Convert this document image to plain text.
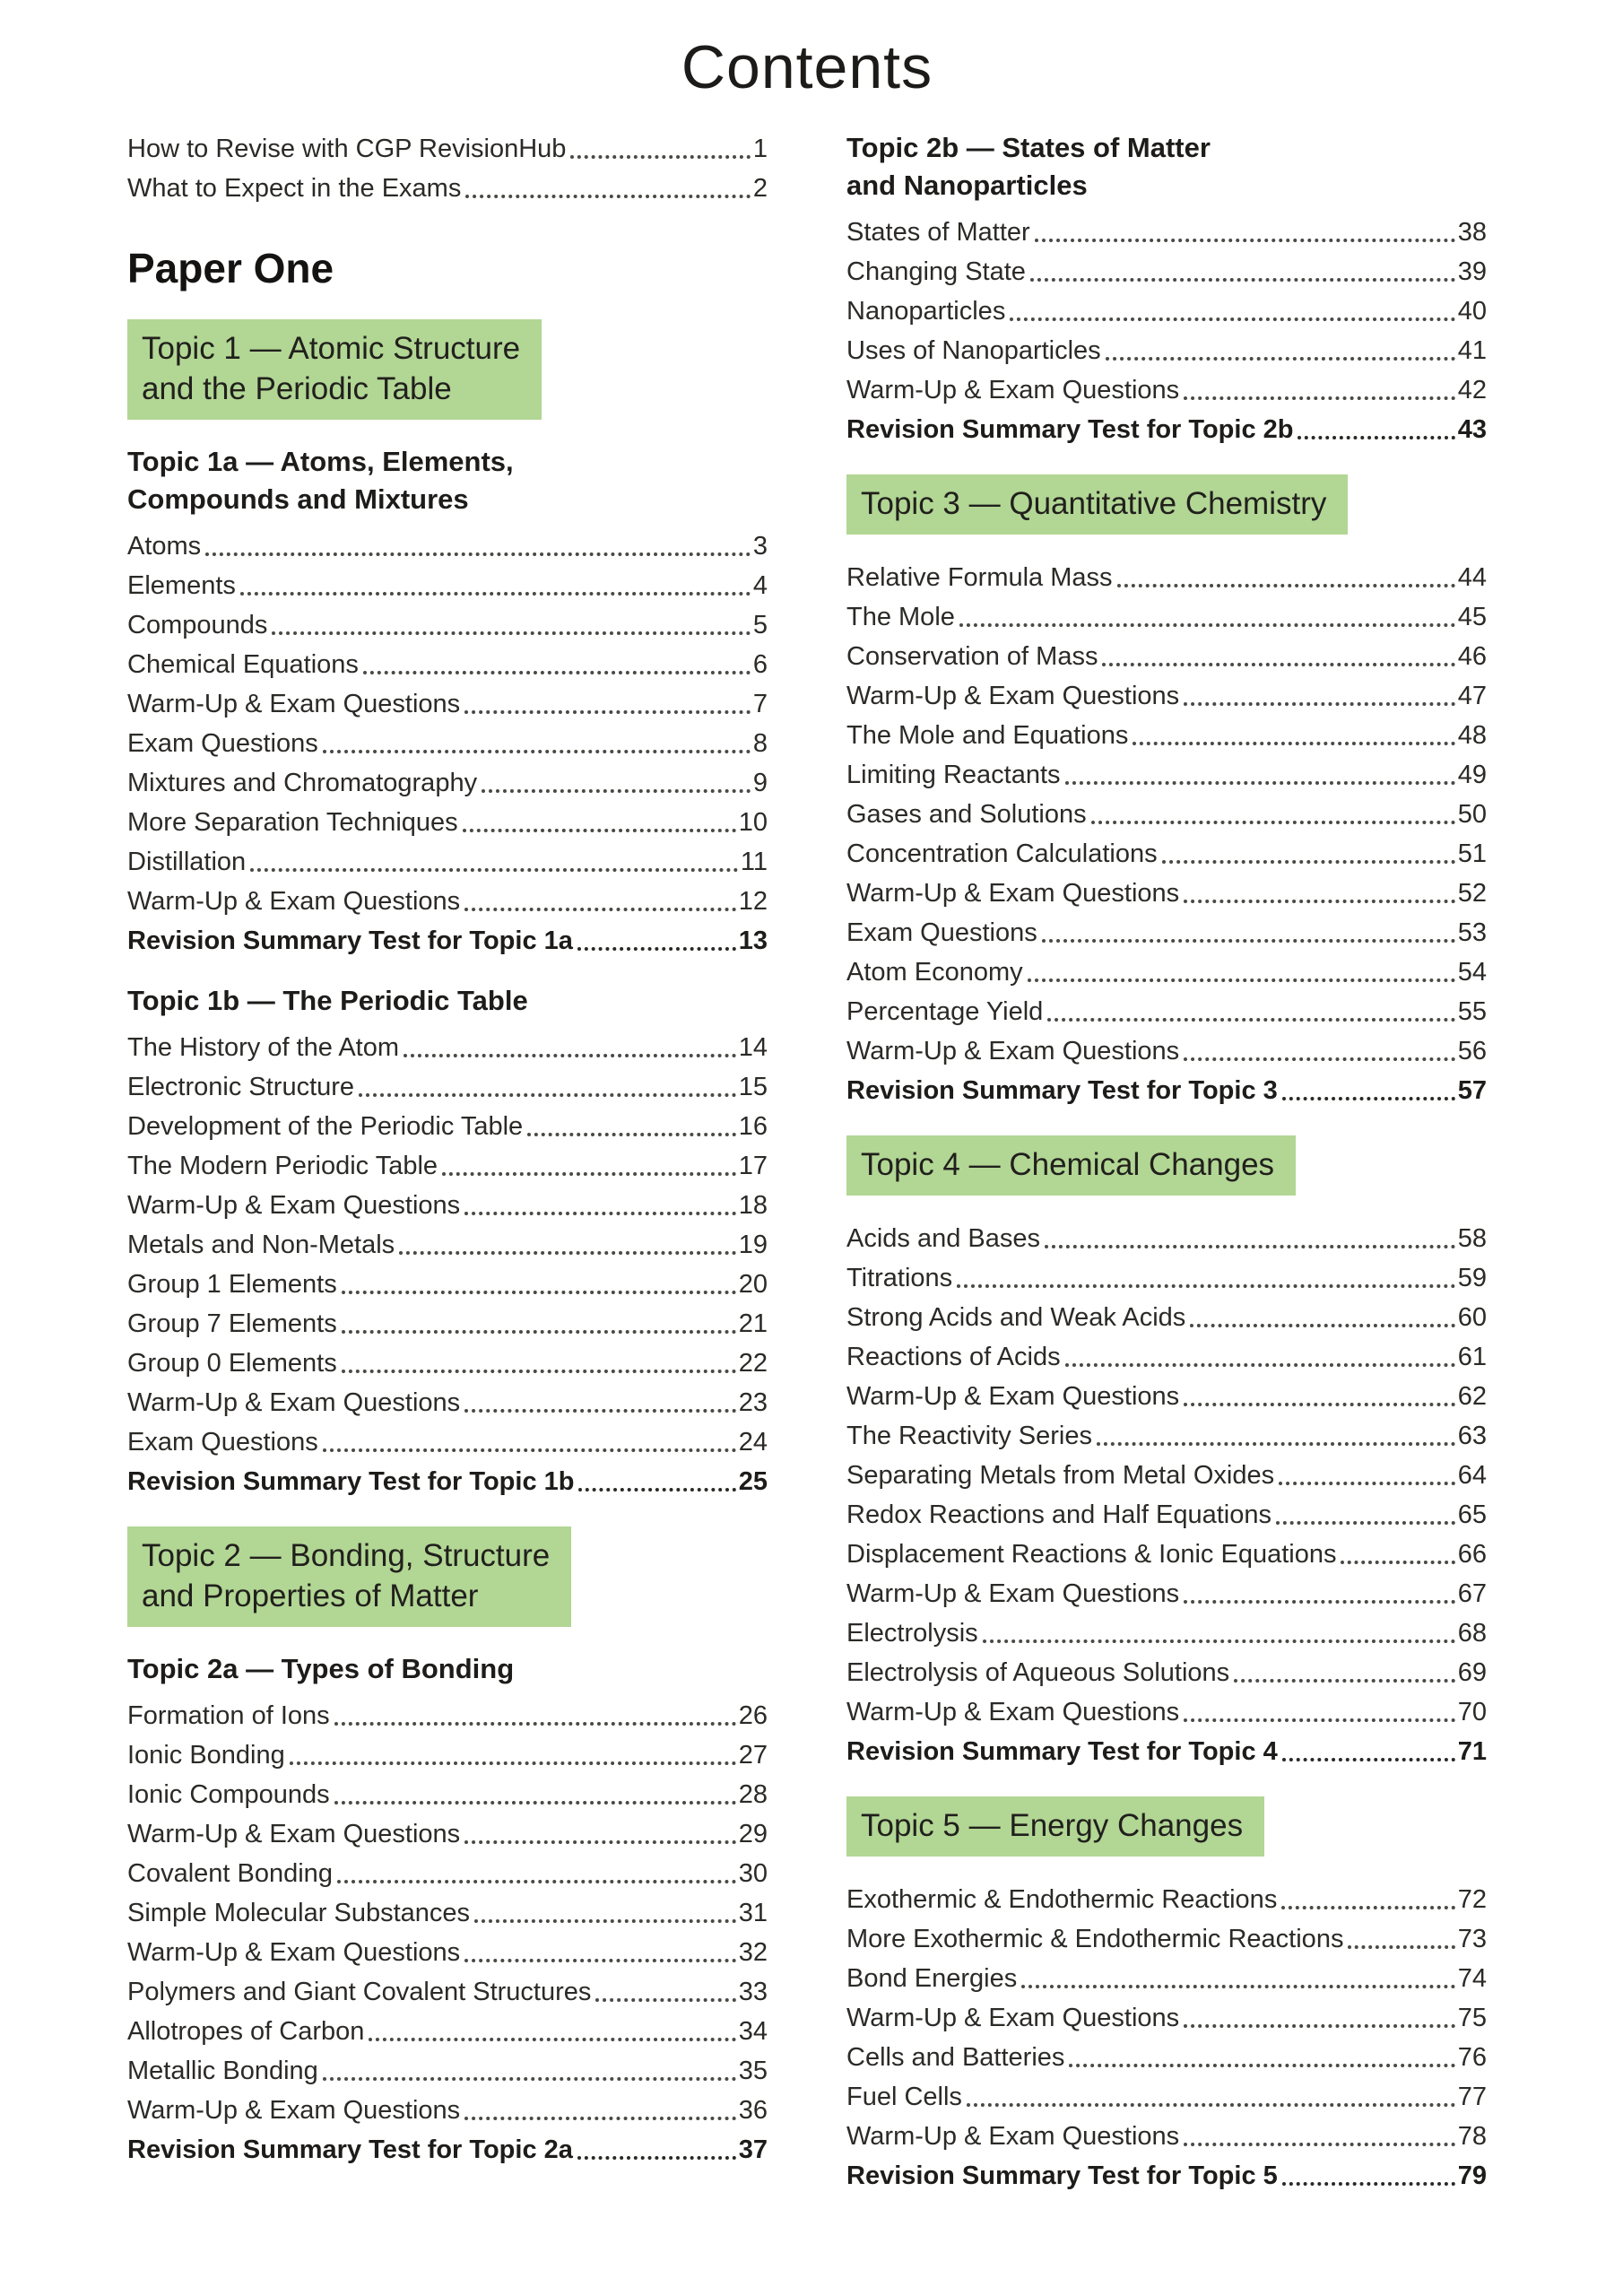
Contents
How to Revise with CGP RevisionHub	1
What to Expect in the Exams	2
Paper One
Topic 1 — Atomic Structure
and the Periodic Table
Topic 1a — Atoms, Elements,
Compounds and Mixtures
Atoms	3
Elements	4
Compounds	5
Chemical Equations	6
Warm-Up & Exam Questions	7
Exam Questions	8
Mixtures and Chromatography	9
More Separation Techniques	10
Distillation	11
Warm-Up & Exam Questions	12
Revision Summary Test for Topic 1a	13
Topic 1b — The Periodic Table
The History of the Atom	14
Electronic Structure	15
Development of the Periodic Table	16
The Modern Periodic Table	17
Warm-Up & Exam Questions	18
Metals and Non-Metals	19
Group 1 Elements	20
Group 7 Elements	21
Group 0 Elements	22
Warm-Up & Exam Questions	23
Exam Questions	24
Revision Summary Test for Topic 1b	25
Topic 2 — Bonding, Structure
and Properties of Matter
Topic 2a — Types of Bonding
Formation of Ions	26
Ionic Bonding	27
Ionic Compounds	28
Warm-Up & Exam Questions	29
Covalent Bonding	30
Simple Molecular Substances	31
Warm-Up & Exam Questions	32
Polymers and Giant Covalent Structures	33
Allotropes of Carbon	34
Metallic Bonding	35
Warm-Up & Exam Questions	36
Revision Summary Test for Topic 2a	37
Topic 2b — States of Matter
and Nanoparticles
States of Matter	38
Changing State	39
Nanoparticles	40
Uses of Nanoparticles	41
Warm-Up & Exam Questions	42
Revision Summary Test for Topic 2b	43
Topic 3 — Quantitative Chemistry
Relative Formula Mass	44
The Mole	45
Conservation of Mass	46
Warm-Up & Exam Questions	47
The Mole and Equations	48
Limiting Reactants	49
Gases and Solutions	50
Concentration Calculations	51
Warm-Up & Exam Questions	52
Exam Questions	53
Atom Economy	54
Percentage Yield	55
Warm-Up & Exam Questions	56
Revision Summary Test for Topic 3	57
Topic 4 — Chemical Changes
Acids and Bases	58
Titrations	59
Strong Acids and Weak Acids	60
Reactions of Acids	61
Warm-Up & Exam Questions	62
The Reactivity Series	63
Separating Metals from Metal Oxides	64
Redox Reactions and Half Equations	65
Displacement Reactions & Ionic Equations	66
Warm-Up & Exam Questions	67
Electrolysis	68
Electrolysis of Aqueous Solutions	69
Warm-Up & Exam Questions	70
Revision Summary Test for Topic 4	71
Topic 5 — Energy Changes
Exothermic & Endothermic Reactions	72
More Exothermic & Endothermic Reactions	73
Bond Energies	74
Warm-Up & Exam Questions	75
Cells and Batteries	76
Fuel Cells	77
Warm-Up & Exam Questions	78
Revision Summary Test for Topic 5	79
